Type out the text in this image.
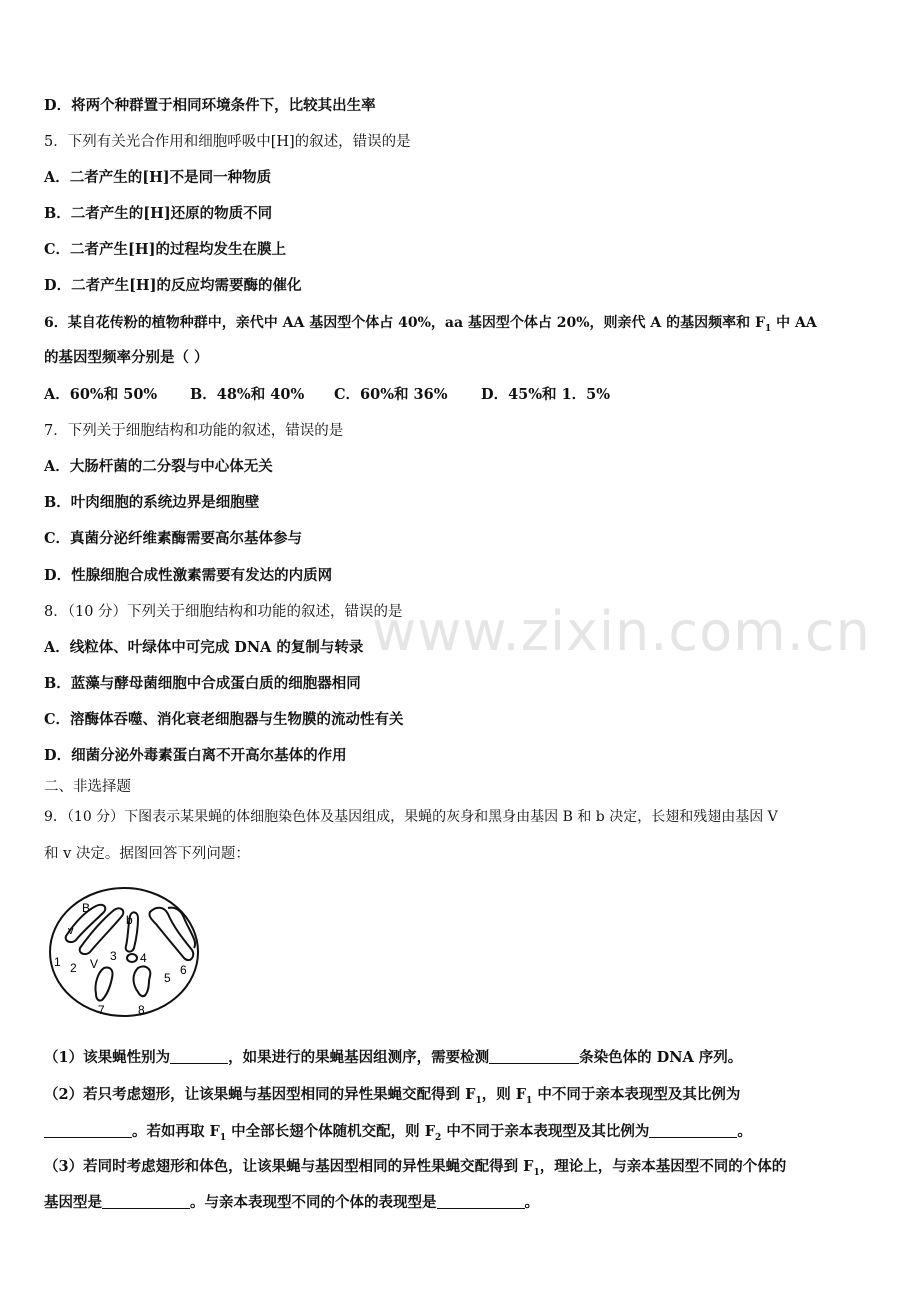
www.zixin.com.cn
D．将两个种群置于相同环境条件下，比较其出生率
5．下列有关光合作用和细胞呼吸中[H]的叙述，错误的是
A．二者产生的[H]不是同一种物质
B．二者产生的[H]还原的物质不同
C．二者产生[H]的过程均发生在膜上
D．二者产生[H]的反应均需要酶的催化
6．某自花传粉的植物种群中，亲代中 AA 基因型个体占 40%，aa 基因型个体占 20%，则亲代 A 的基因频率和 $F_1$ 中 AA
的基因型频率分别是（ ）
A．60%和 50% B．48%和 40% C．60%和 36% D．45%和 1．5%
7．下列关于细胞结构和功能的叙述，错误的是
A．大肠杆菌的二分裂与中心体无关
B．叶肉细胞的系统边界是细胞壁
C．真菌分泌纤维素酶需要高尔基体参与
D．性腺细胞合成性激素需要有发达的内质网
8．（10 分）下列关于细胞结构和功能的叙述，错误的是
A．线粒体、叶绿体中可完成 DNA 的复制与转录
B．蓝藻与酵母菌细胞中合成蛋白质的细胞器相同
C．溶酶体吞噬、消化衰老细胞器与生物膜的流动性有关
D．细菌分泌外毒素蛋白离不开高尔基体的作用
二、非选择题
9．（10 分）下图表示某果蝇的体细胞染色体及基因组成，果蝇的灰身和黑身由基因 B 和 b 决定，长翅和残翅由基因 V
和 v 决定。据图回答下列问题：
B
b
v
V
1 2
3 4
5
6
7	8
（1）该果蝇性别为	，如果进行的果蝇基因组测序，需要检测	条染色体的 DNA 序列。
（2）若只考虑翅形，让该果蝇与基因型相同的异性果蝇交配得到 $F_1$，则 $F_1$ 中不同于亲本表现型及其比例为
。若如再取 $F_1$ 中全部长翅个体随机交配，则 $F_2$ 中不同于亲本表现型及其比例为	。
（3）若同时考虑翅形和体色，让该果蝇与基因型相同的异性果蝇交配得到 $F_1$，理论上，与亲本基因型不同的个体的
基因型是	。与亲本表现型不同的个体的表现型是	。
